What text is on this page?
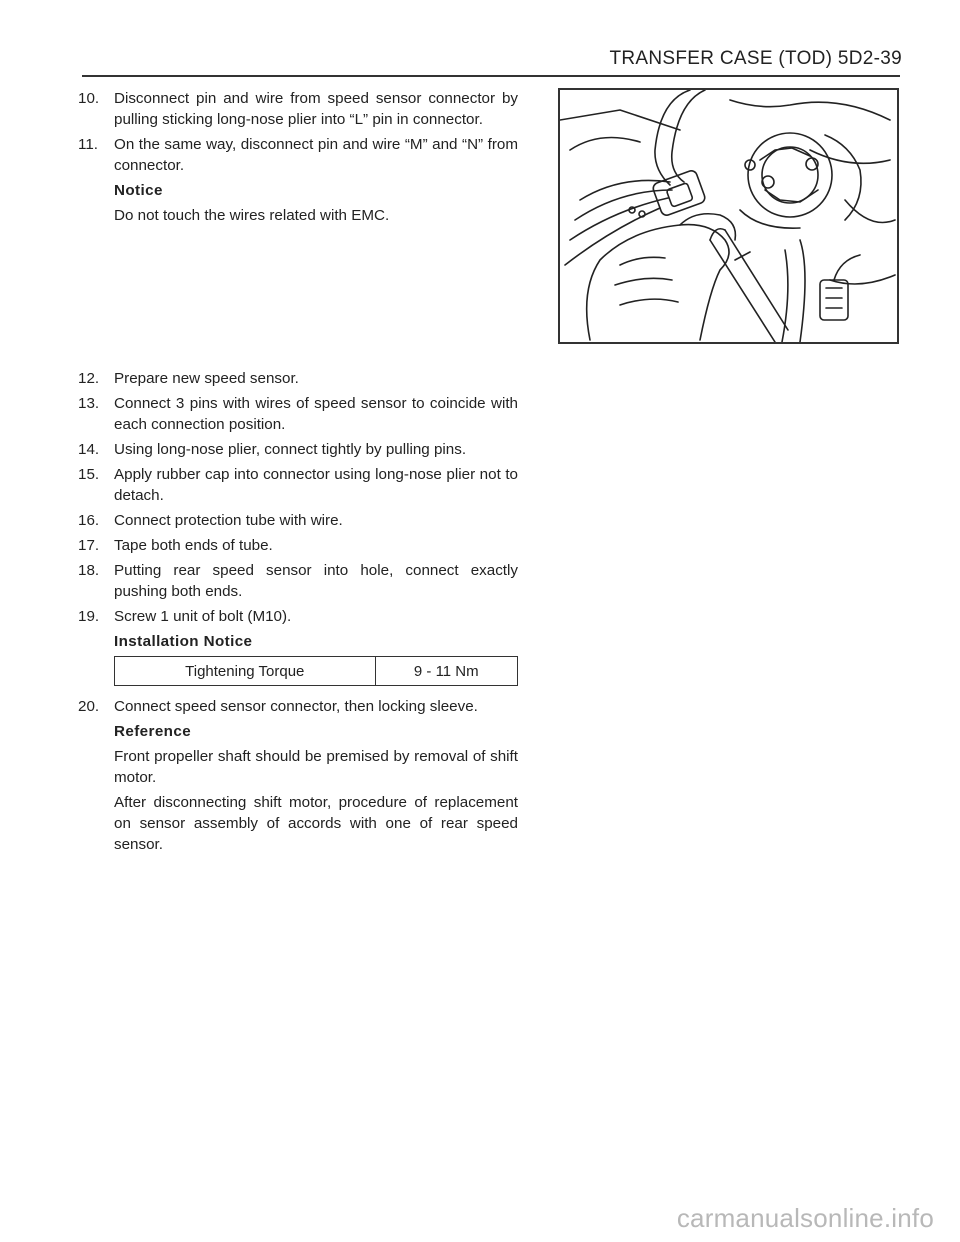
TRANSFER CASE (TOD) 5D2-39
10. Disconnect pin and wire from speed sensor connector by pulling sticking long-nose plier into “L” pin in connector.
11.	On the same way, disconnect pin and wire “M” and “N” from connector.
Notice
Do not touch the wires related with EMC.
12. Prepare new speed sensor.
13. Connect 3 pins with wires of speed sensor to coincide with each connection position.
14. Using long-nose plier, connect tightly by pulling pins.
15. Apply rubber cap into connector using long-nose plier not to detach.
16. Connect protection tube with wire.
17. Tape both ends of tube.
18. Putting rear speed sensor into hole, connect exactly pushing both ends.
19. Screw 1 unit of bolt (M10).
Installation Notice
Tightening Torque	9 - 11 Nm
20. Connect speed sensor connector, then locking sleeve.
Reference
Front propeller shaft should be premised by removal of shift motor.
After disconnecting shift motor, procedure of replacement on sensor assembly of accords with one of rear speed sensor.
carmanualsonline.info
